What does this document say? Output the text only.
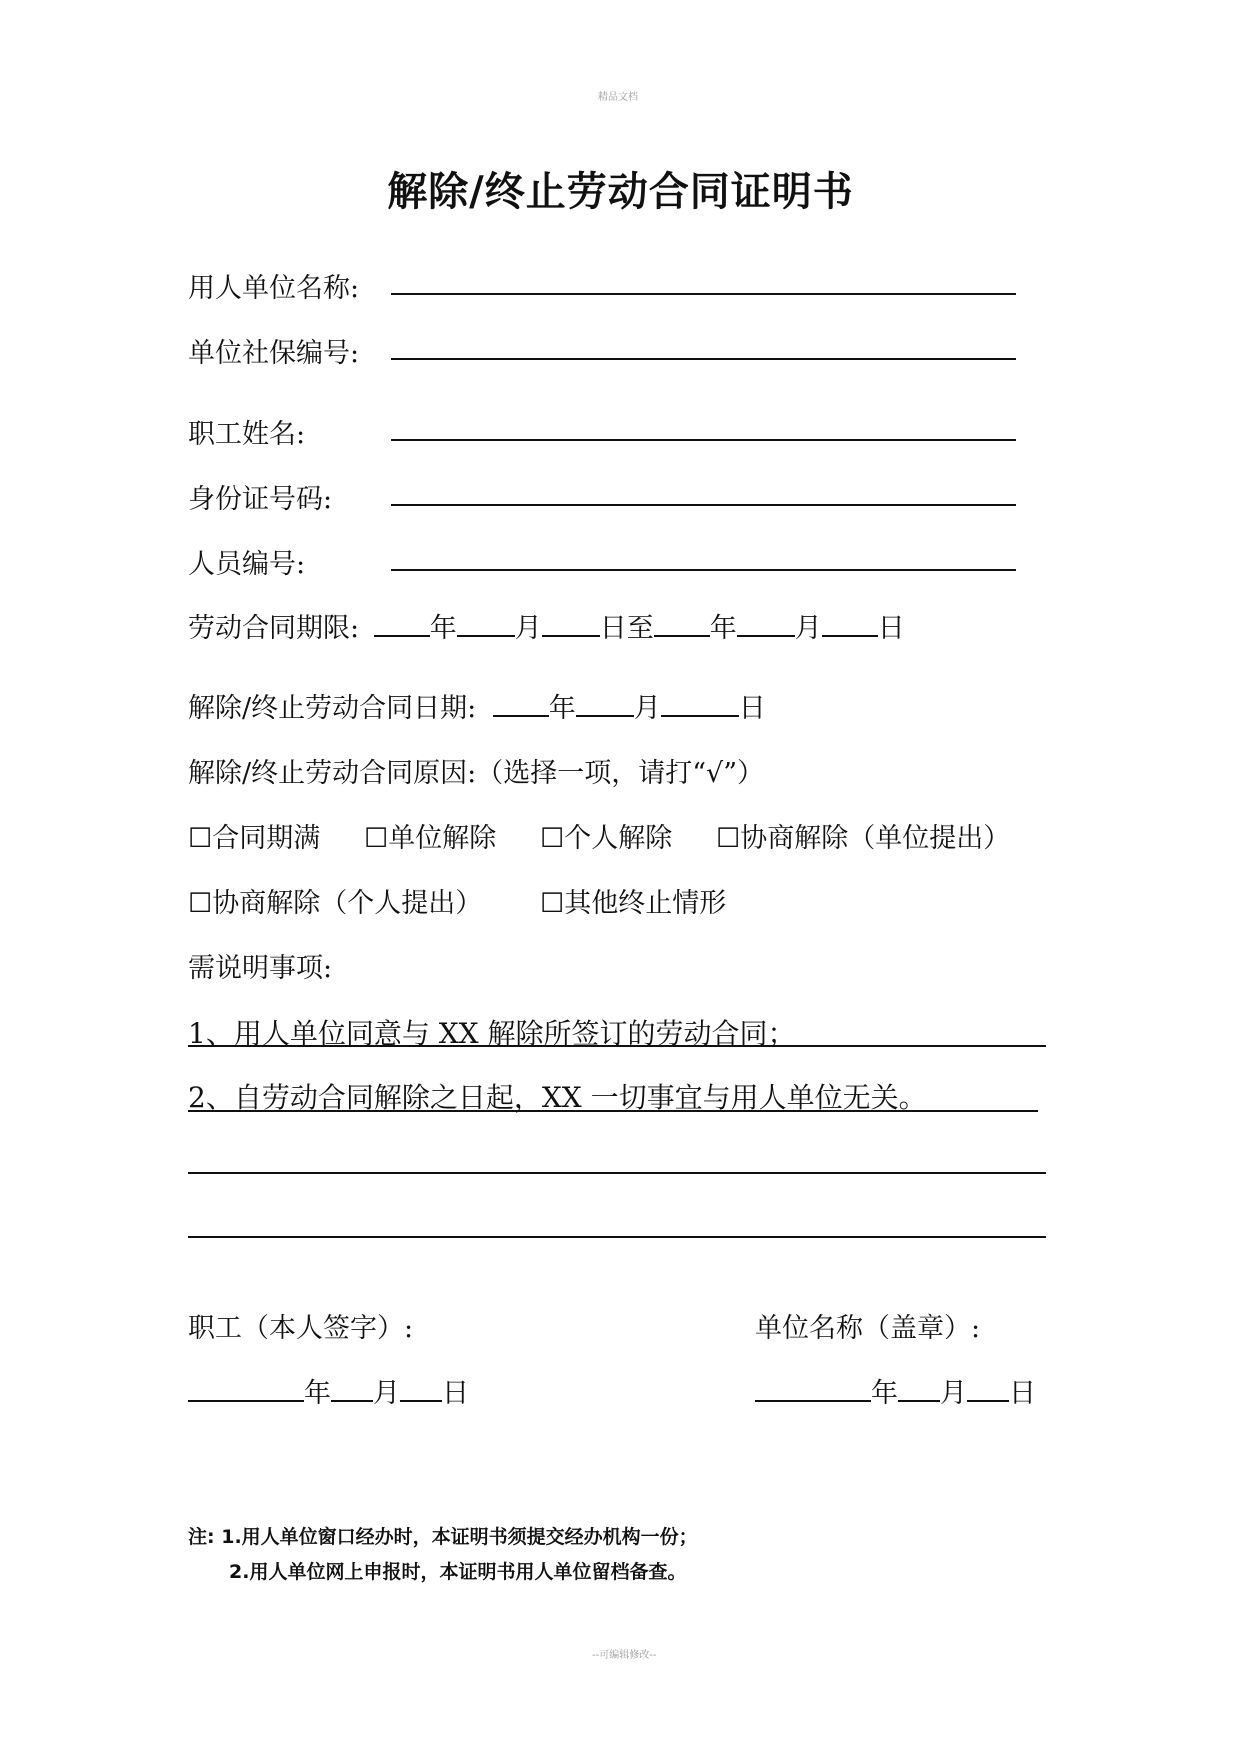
精品文档
解除/终止劳动合同证明书
用人单位名称:
单位社保编号:
职工姓名:
身份证号码:
人员编号:
劳动合同期限:	年 月 日至 年 月 日
解除/终止劳动合同日期:	年 月	日
解除/终止劳动合同原因:（选择一项，请打“√”）
☐合同期满 ☐单位解除 ☐个人解除 ☐协商解除（单位提出）
☐协商解除（个人提出） ☐其他终止情形
需说明事项:
1、用人单位同意与 XX 解除所签订的劳动合同；
2、自劳动合同解除之日起，XX 一切事宜与用人单位无关。
职工（本人签字）:	单位名称（盖章）:
年 月 日	年 月 日
注: 1.用人单位窗口经办时，本证明书须提交经办机构一份；
2.用人单位网上申报时，本证明书用人单位留档备查。
--可编辑修改--
